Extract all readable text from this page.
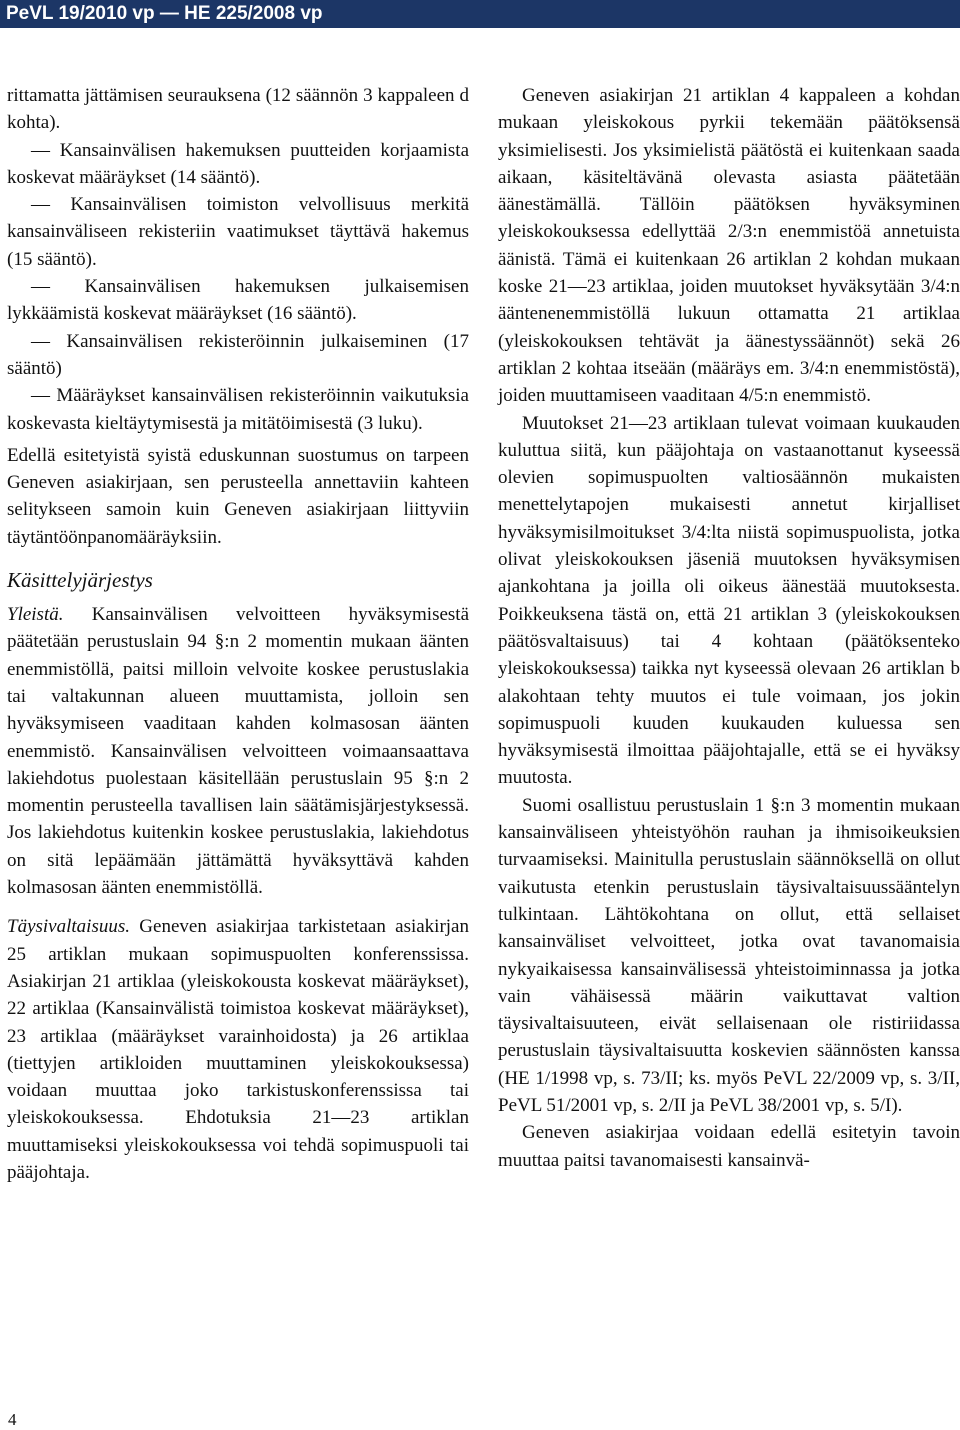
PeVL 19/2010 vp — HE 225/2008 vp

rittamatta jättämisen seurauksena (12 säännön 3 kappaleen d kohta).

— Kansainvälisen hakemuksen puutteiden korjaamista koskevat määräykset (14 sääntö).

— Kansainvälisen toimiston velvollisuus merkitä kansainväliseen rekisteriin vaatimukset täyttävä hakemus (15 sääntö).

— Kansainvälisen hakemuksen julkaisemisen lykkäämistä koskevat määräykset (16 sääntö).

— Kansainvälisen rekisteröinnin julkaiseminen (17 sääntö)

— Määräykset kansainvälisen rekisteröinnin vaikutuksia koskevasta kieltäytymisestä ja mitätöimisestä (3 luku).

Edellä esitetyistä syistä eduskunnan suostumus on tarpeen Geneven asiakirjaan, sen perusteella annettaviin kahteen selitykseen samoin kuin Geneven asiakirjaan liittyviin täytäntöönpanomääräyksiin.

Käsittelyjärjestys

Yleistä. Kansainvälisen velvoitteen hyväksymisestä päätetään perustuslain 94 §:n 2 momentin mukaan äänten enemmistöllä, paitsi milloin velvoite koskee perustuslakia tai valtakunnan alueen muuttamista, jolloin sen hyväksymiseen vaaditaan kahden kolmasosan äänten enemmistö. Kansainvälisen velvoitteen voimaansaattava lakiehdotus puolestaan käsitellään perustuslain 95 §:n 2 momentin perusteella tavallisen lain säätämisjärjestyksessä. Jos lakiehdotus kuitenkin koskee perustuslakia, lakiehdotus on sitä lepäämään jättämättä hyväksyttävä kahden kolmasosan äänten enemmistöllä.

Täysivaltaisuus. Geneven asiakirjaa tarkistetaan asiakirjan 25 artiklan mukaan sopimuspuolten konferenssissa. Asiakirjan 21 artiklaa (yleiskokousta koskevat määräykset), 22 artiklaa (Kansainvälistä toimistoa koskevat määräykset), 23 artiklaa (määräykset varainhoidosta) ja 26 artiklaa (tiettyjen artikloiden muuttaminen yleiskokouksessa) voidaan muuttaa joko tarkistuskonferenssissa tai yleiskokouksessa. Ehdotuksia 21—23 artiklan muuttamiseksi yleiskokouksessa voi tehdä sopimuspuoli tai pääjohtaja.

Geneven asiakirjan 21 artiklan 4 kappaleen a kohdan mukaan yleiskokous pyrkii tekemään päätöksensä yksimielisesti. Jos yksimielistä päätöstä ei kuitenkaan saada aikaan, käsiteltävänä olevasta asiasta päätetään äänestämällä. Tällöin päätöksen hyväksyminen yleiskokouksessa edellyttää 2/3:n enemmistöä annetuista äänistä. Tämä ei kuitenkaan 26 artiklan 2 kohdan mukaan koske 21—23 artiklaa, joiden muutokset hyväksytään 3/4:n ääntenenemmistöllä lukuun ottamatta 21 artiklaa (yleiskokouksen tehtävät ja äänestyssäännöt) sekä 26 artiklan 2 kohtaa itseään (määräys em. 3/4:n enemmistöstä), joiden muuttamiseen vaaditaan 4/5:n enemmistö.

Muutokset 21—23 artiklaan tulevat voimaan kuukauden kuluttua siitä, kun pääjohtaja on vastaanottanut kyseessä olevien sopimuspuolten valtiosäännön mukaisten menettelytapojen mukaisesti annetut kirjalliset hyväksymisilmoitukset 3/4:lta niistä sopimuspuolista, jotka olivat yleiskokouksen jäseniä muutoksen hyväksymisen ajankohtana ja joilla oli oikeus äänestää muutoksesta. Poikkeuksena tästä on, että 21 artiklan 3 (yleiskokouksen päätösvaltaisuus) tai 4 kohtaan (päätöksenteko yleiskokouksessa) taikka nyt kyseessä olevaan 26 artiklan b alakohtaan tehty muutos ei tule voimaan, jos jokin sopimuspuoli kuuden kuukauden kuluessa sen hyväksymisestä ilmoittaa pääjohtajalle, että se ei hyväksy muutosta.

Suomi osallistuu perustuslain 1 §:n 3 momentin mukaan kansainväliseen yhteistyöhön rauhan ja ihmisoikeuksien turvaamiseksi. Mainitulla perustuslain säännöksellä on ollut vaikutusta etenkin perustuslain täysivaltaisuussääntelyn tulkintaan. Lähtökohtana on ollut, että sellaiset kansainväliset velvoitteet, jotka ovat tavanomaisia nykyaikaisessa kansainvälisessä yhteistoiminnassa ja jotka vain vähäisessä määrin vaikuttavat valtion täysivaltaisuuteen, eivät sellaisenaan ole ristiriidassa perustuslain täysivaltaisuutta koskevien säännösten kanssa (HE 1/1998 vp, s. 73/II; ks. myös PeVL 22/2009 vp, s. 3/II, PeVL 51/2001 vp, s. 2/II ja PeVL 38/2001 vp, s. 5/I).

Geneven asiakirjaa voidaan edellä esitetyin tavoin muuttaa paitsi tavanomaisesti kansainvä-

4
